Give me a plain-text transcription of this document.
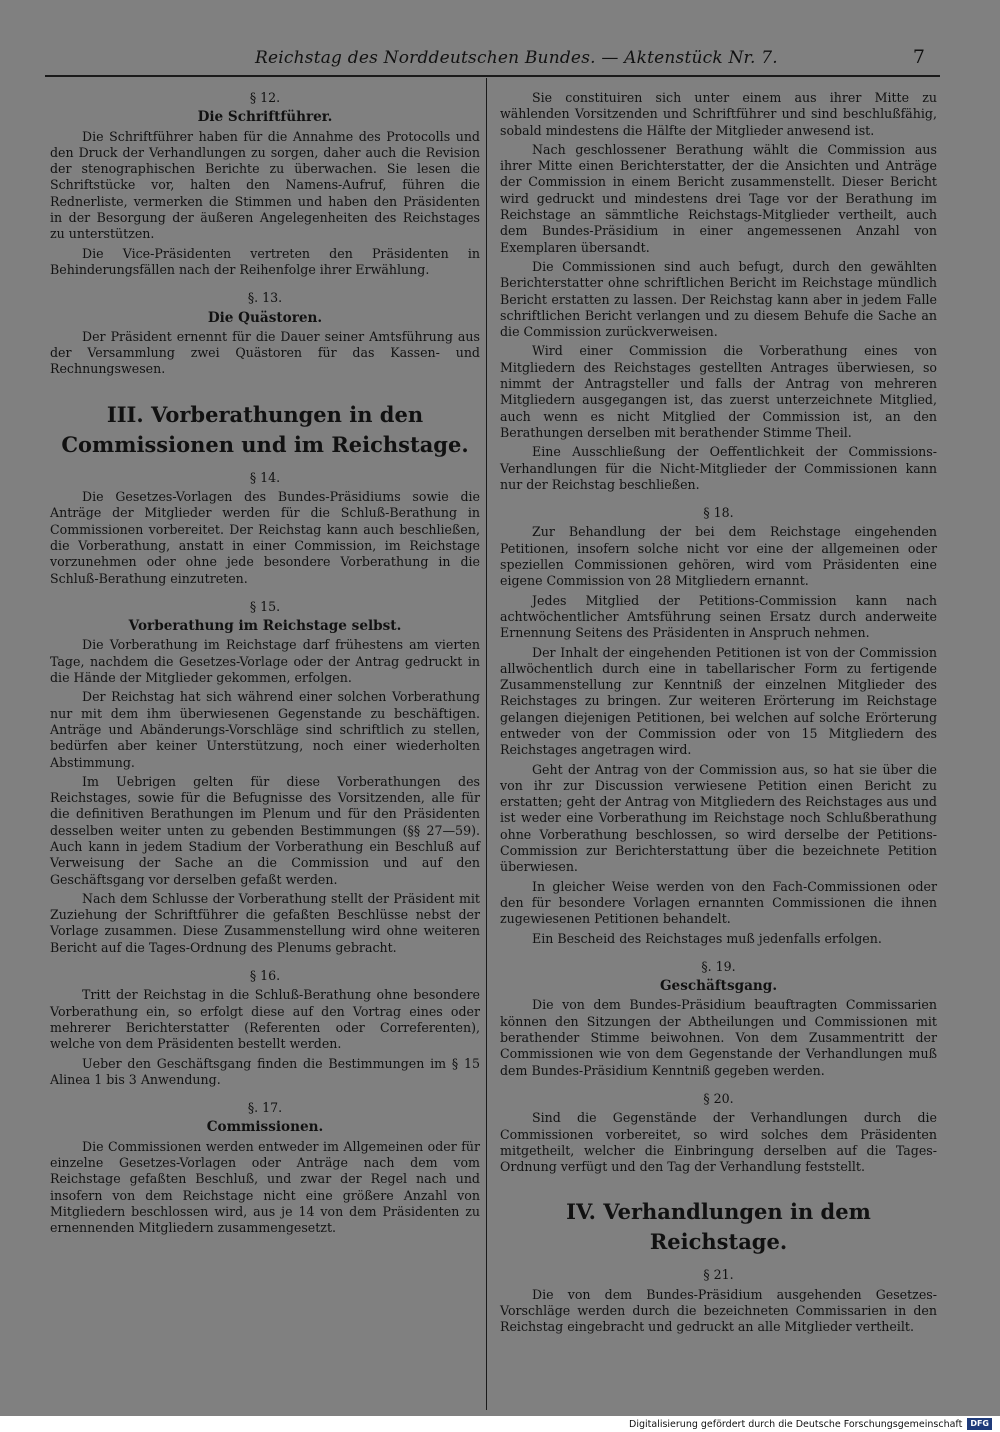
Reichstag des Norddeutschen Bundes. — Aktenstück Nr. 7.	7
§ 12.
Die Schriftführer.

Die Schriftführer haben für die Annahme des Protocolls und den Druck der Verhandlungen zu sorgen, daher auch die Revision der stenographischen Berichte zu überwachen. Sie lesen die Schriftstücke vor, halten den Namens-Aufruf, führen die Rednerliste, vermerken die Stimmen und haben den Präsidenten in der Besorgung der äußeren Angelegenheiten des Reichstages zu unterstützen.

Die Vice-Präsidenten vertreten den Präsidenten in Behinderungsfällen nach der Reihenfolge ihrer Erwählung.

§. 13.
Die Quästoren.

Der Präsident ernennt für die Dauer seiner Amtsführung aus der Versammlung zwei Quästoren für das Kassen- und Rechnungswesen.

III. Vorberathungen in den Commissionen und im Reichstage.
§ 14.

Die Gesetzes-Vorlagen des Bundes-Präsidiums sowie die Anträge der Mitglieder werden für die Schluß-Berathung in Commissionen vorbereitet. Der Reichstag kann auch beschließen, die Vorberathung, anstatt in einer Commission, im Reichstage vorzunehmen oder ohne jede besondere Vorberathung in die Schluß-Berathung einzutreten.

§ 15.
Vorberathung im Reichstage selbst.

Die Vorberathung im Reichstage darf frühestens am vierten Tage, nachdem die Gesetzes-Vorlage oder der Antrag gedruckt in die Hände der Mitglieder gekommen, erfolgen.

Der Reichstag hat sich während einer solchen Vorberathung nur mit dem ihm überwiesenen Gegenstande zu beschäftigen. Anträge und Abänderungs-Vorschläge sind schriftlich zu stellen, bedürfen aber keiner Unterstützung, noch einer wiederholten Abstimmung.

Im Uebrigen gelten für diese Vorberathungen des Reichstages, sowie für die Befugnisse des Vorsitzenden, alle für die definitiven Berathungen im Plenum und für den Präsidenten desselben weiter unten zu gebenden Bestimmungen (§§ 27—59). Auch kann in jedem Stadium der Vorberathung ein Beschluß auf Verweisung der Sache an die Commission und auf den Geschäftsgang vor derselben gefaßt werden.

Nach dem Schlusse der Vorberathung stellt der Präsident mit Zuziehung der Schriftführer die gefaßten Beschlüsse nebst der Vorlage zusammen. Diese Zusammenstellung wird ohne weiteren Bericht auf die Tages-Ordnung des Plenums gebracht.

§ 16.

Tritt der Reichstag in die Schluß-Berathung ohne besondere Vorberathung ein, so erfolgt diese auf den Vortrag eines oder mehrerer Berichterstatter (Referenten oder Correferenten), welche von dem Präsidenten bestellt werden.

Ueber den Geschäftsgang finden die Bestimmungen im § 15 Alinea 1 bis 3 Anwendung.

§. 17.
Commissionen.

Die Commissionen werden entweder im Allgemeinen oder für einzelne Gesetzes-Vorlagen oder Anträge nach dem vom Reichstage gefaßten Beschluß, und zwar der Regel nach und insofern von dem Reichstage nicht eine größere Anzahl von Mitgliedern beschlossen wird, aus je 14 von dem Präsidenten zu ernennenden Mitgliedern zusammengesetzt.

Sie constituiren sich unter einem aus ihrer Mitte zu wählenden Vorsitzenden und Schriftführer und sind beschlußfähig, sobald mindestens die Hälfte der Mitglieder anwesend ist.

Nach geschlossener Berathung wählt die Commission aus ihrer Mitte einen Berichterstatter, der die Ansichten und Anträge der Commission in einem Bericht zusammenstellt. Dieser Bericht wird gedruckt und mindestens drei Tage vor der Berathung im Reichstage an sämmtliche Reichstags-Mitglieder vertheilt, auch dem Bundes-Präsidium in einer angemessenen Anzahl von Exemplaren übersandt.

Die Commissionen sind auch befugt, durch den gewählten Berichterstatter ohne schriftlichen Bericht im Reichstage mündlich Bericht erstatten zu lassen. Der Reichstag kann aber in jedem Falle schriftlichen Bericht verlangen und zu diesem Behufe die Sache an die Commission zurückverweisen.

Wird einer Commission die Vorberathung eines von Mitgliedern des Reichstages gestellten Antrages überwiesen, so nimmt der Antragsteller und falls der Antrag von mehreren Mitgliedern ausgegangen ist, das zuerst unterzeichnete Mitglied, auch wenn es nicht Mitglied der Commission ist, an den Berathungen derselben mit berathender Stimme Theil.

Eine Ausschließung der Oeffentlichkeit der Commissions-Verhandlungen für die Nicht-Mitglieder der Commissionen kann nur der Reichstag beschließen.

§ 18.

Zur Behandlung der bei dem Reichstage eingehenden Petitionen, insofern solche nicht vor eine der allgemeinen oder speziellen Commissionen gehören, wird vom Präsidenten eine eigene Commission von 28 Mitgliedern ernannt.

Jedes Mitglied der Petitions-Commission kann nach achtwöchentlicher Amtsführung seinen Ersatz durch anderweite Ernennung Seitens des Präsidenten in Anspruch nehmen.

Der Inhalt der eingehenden Petitionen ist von der Commission allwöchentlich durch eine in tabellarischer Form zu fertigende Zusammenstellung zur Kenntniß der einzelnen Mitglieder des Reichstages zu bringen. Zur weiteren Erörterung im Reichstage gelangen diejenigen Petitionen, bei welchen auf solche Erörterung entweder von der Commission oder von 15 Mitgliedern des Reichstages angetragen wird.

Geht der Antrag von der Commission aus, so hat sie über die von ihr zur Discussion verwiesene Petition einen Bericht zu erstatten; geht der Antrag von Mitgliedern des Reichstages aus und ist weder eine Vorberathung im Reichstage noch Schlußberathung ohne Vorberathung beschlossen, so wird derselbe der Petitions-Commission zur Berichterstattung über die bezeichnete Petition überwiesen.

In gleicher Weise werden von den Fach-Commissionen oder den für besondere Vorlagen ernannten Commissionen die ihnen zugewiesenen Petitionen behandelt.

Ein Bescheid des Reichstages muß jedenfalls erfolgen.

§. 19.
Geschäftsgang.

Die von dem Bundes-Präsidium beauftragten Commissarien können den Sitzungen der Abtheilungen und Commissionen mit berathender Stimme beiwohnen. Von dem Zusammentritt der Commissionen wie von dem Gegenstande der Verhandlungen muß dem Bundes-Präsidium Kenntniß gegeben werden.

§ 20.

Sind die Gegenstände der Verhandlungen durch die Commissionen vorbereitet, so wird solches dem Präsidenten mitgetheilt, welcher die Einbringung derselben auf die Tages-Ordnung verfügt und den Tag der Verhandlung feststellt.

IV. Verhandlungen in dem Reichstage.
§ 21.

Die von dem Bundes-Präsidium ausgehenden Gesetzes-Vorschläge werden durch die bezeichneten Commissarien in den Reichstag eingebracht und gedruckt an alle Mitglieder vertheilt.

Digitalisierung gefördert durch die Deutsche Forschungsgemeinschaft	DFG
